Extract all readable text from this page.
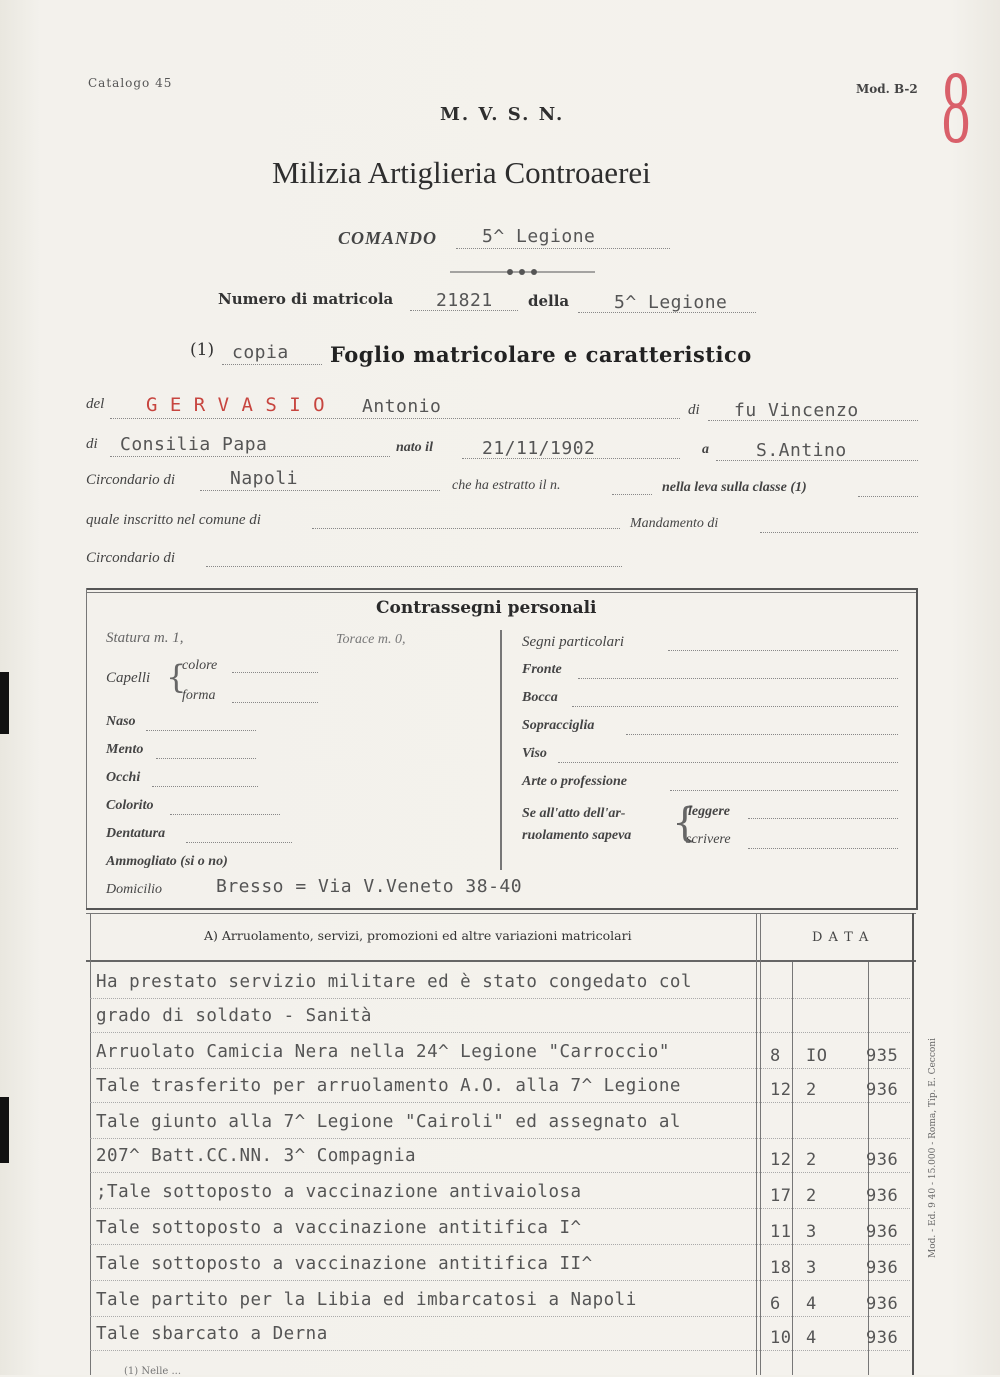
Catalogo 45	Mod. B-2 8
M. V. S. N.
Milizia Artiglieria Controaerei
COMANDO 5^ Legione
Numero di matricola 21821 della 5^ Legione
(1) copia Foglio matricolare e caratteristico
del G E R V A S I O Antonio	di fu Vincenzo
di Consilia Papa	nato il	21/11/1902	a	S.Antino
Circondario di	Napoli	che ha estratto il n.	nella leva sulla classe (1)
quale inscritto nel comune di	Mandamento di
Circondario di
Contrassegni personali
Statura m. 1,	Torace m. 0,
Capelli {
colore
forma
Naso
Mento
Occhi
Colorito
Dentatura
Ammogliato (si o no)
Domicilio	Bresso = Via V.Veneto 38-40
Segni particolari
Fronte
Bocca
Sopracciglia
Viso
Arte o professione
Se all'atto dell'ar-
ruolamento sapeva {
leggere
scrivere
A) Arruolamento, servizi, promozioni ed altre variazioni matricolari	D A T A
Mod. - Ed. 9 40 - 15.000 - Roma, Tip. E. Cecconi
Ha prestato servizio militare ed è stato congedato col
grado di soldato - Sanità
Arruolato Camicia Nera nella 24^ Legione "Carroccio"	8 IO 935
Tale trasferito per arruolamento A.O. alla 7^ Legione	12 2	936
Tale giunto alla 7^ Legione "Cairoli" ed assegnato al
207^ Batt.CC.NN. 3^ Compagnia	12 2	936
;Tale sottoposto a vaccinazione antivaiolosa	17 2	936
Tale sottoposto a vaccinazione antitifica I^	11 3	936
Tale sottoposto a vaccinazione antitifica II^	18 3	936
Tale partito per la Libia ed imbarcatosi a Napoli	6 4	936
Tale sbarcato a Derna	10 4	936
(1) Nelle ...
